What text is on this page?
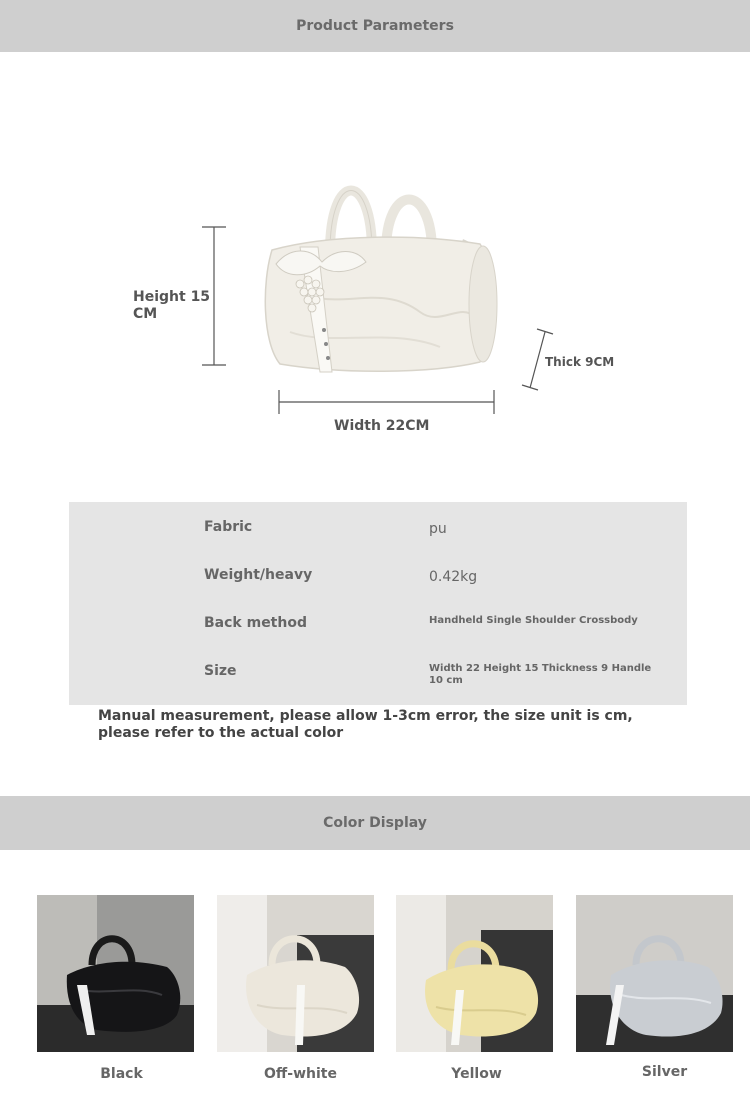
Product Parameters
Height 15 CM
Width 22CM
Thick 9CM
Fabric	pu
Weight/heavy	0.42kg
Back method	Handheld Single Shoulder Crossbody
Size	Width 22 Height 15 Thickness 9 Handle 10 cm
Manual measurement, please allow 1-3cm error, the size unit is cm, please refer to the actual color
Color Display
Black	Off-white	Yellow	Silver
